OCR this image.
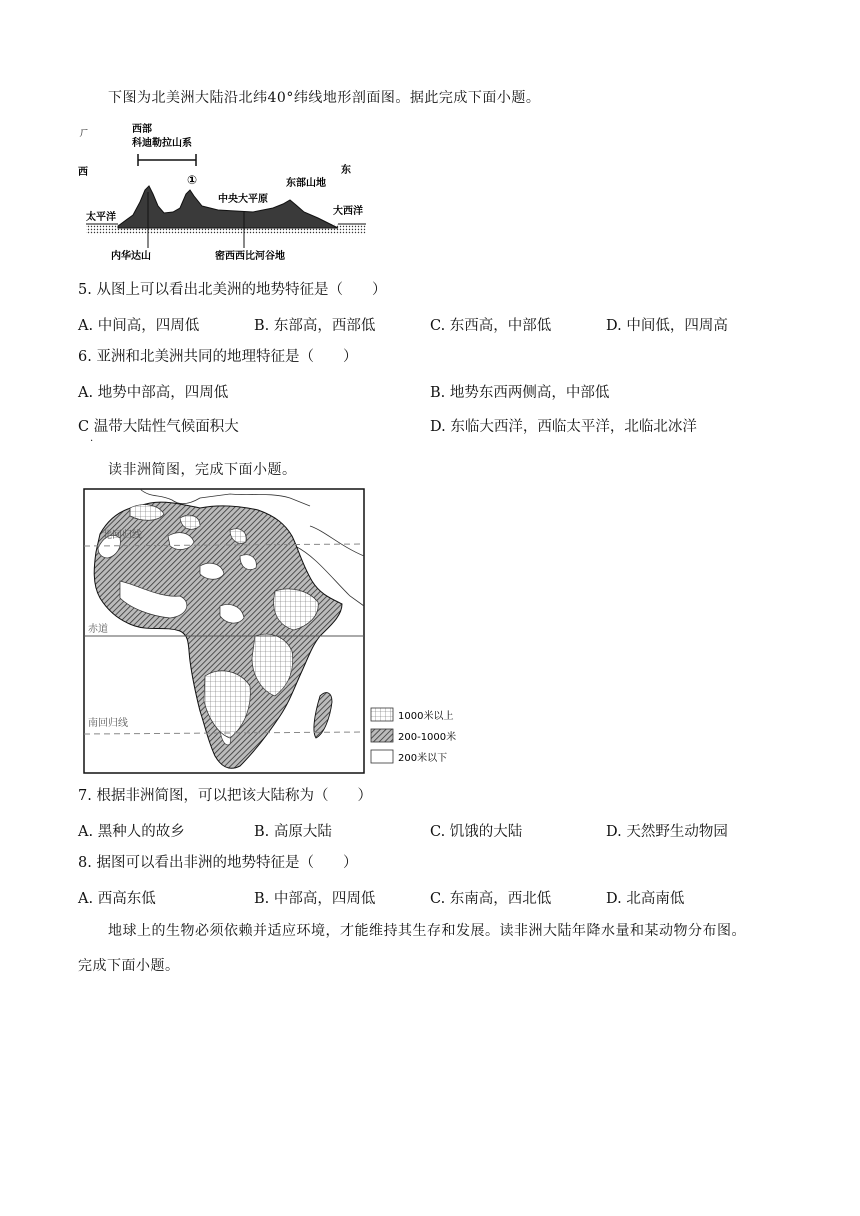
下图为北美洲大陆沿北纬40°纬线地形剖面图。据此完成下面小题。
ㄏ	西部
科迪勒拉山系
西	东
①
中央大平原
东部山地
太平洋
大西洋
内华达山	密西西比河谷地
5. 从图上可以看出北美洲的地势特征是（　　）
A. 中间高，四周低	B. 东部高，西部低	C. 东西高，中部低	D. 中间低，四周高
6. 亚洲和北美洲共同的地理特征是（　　）
A. 地势中部高，四周低	B. 地势东西两侧高，中部低
C 温带大陆性气候面积大
.
D. 东临大西洋，西临太平洋，北临北冰洋
读非洲简图，完成下面小题。
北回归线
赤道
南回归线
1000米以上
200-1000米
200米以下
7. 根据非洲简图，可以把该大陆称为（　　）
A. 黑种人的故乡	B. 高原大陆	C. 饥饿的大陆	D. 天然野生动物园
8. 据图可以看出非洲的地势特征是（　　）
A. 西高东低	B. 中部高，四周低	C. 东南高，西北低	D. 北高南低
地球上的生物必须依赖并适应环境，才能维持其生存和发展。读非洲大陆年降水量和某动物分布图。
完成下面小题。
